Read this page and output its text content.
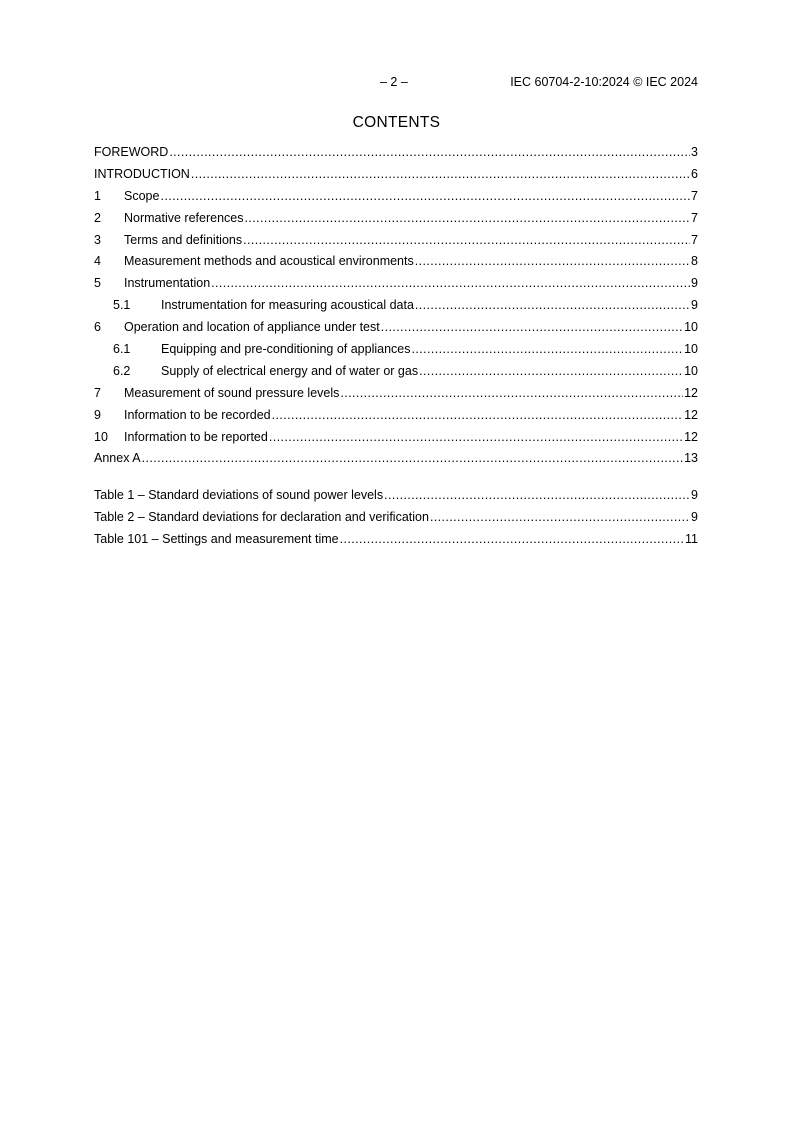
– 2 –	IEC 60704-2-10:2024 © IEC 2024
CONTENTS
FOREWORD .....	3
INTRODUCTION .....	6
1	Scope .....	7
2	Normative references .....	7
3	Terms and definitions .....	7
4	Measurement methods and acoustical environments .....	8
5	Instrumentation .....	9
5.1	Instrumentation for measuring acoustical data .....	9
6	Operation and location of appliance under test .....	10
6.1	Equipping and pre-conditioning of appliances .....	10
6.2	Supply of electrical energy and of water or gas .....	10
7	Measurement of sound pressure levels .....	12
9	Information to be recorded .....	12
10	Information to be reported .....	12
Annex A .....	13
Table 1 – Standard deviations of sound power levels .....	9
Table 2 – Standard deviations for declaration and verification .....	9
Table 101 – Settings and measurement time .....	11
